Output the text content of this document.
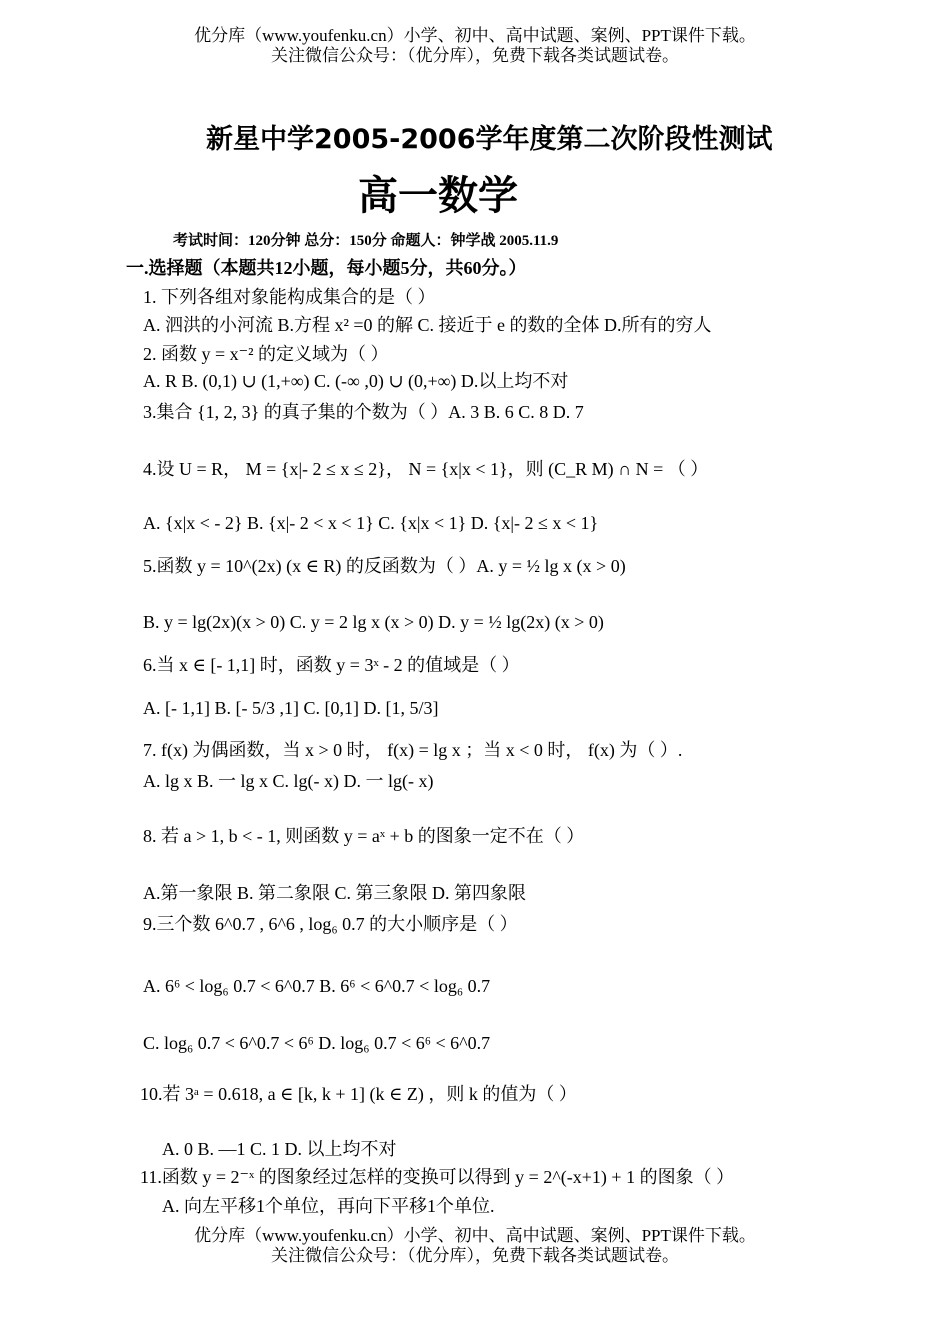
优分库（www.youfenku.cn）小学、初中、高中试题、案例、PPT课件下载。
关注微信公众号：（优分库），免费下载各类试题试卷。
新星中学2005-2006学年度第二次阶段性测试
高一数学
考试时间：120分钟 总分：150分 命题人：钟学战 2005.11.9
一.选择题（本题共12小题，每小题5分，共60分。）
1. 下列各组对象能构成集合的是（ ）
A. 泗洪的小河流 B.方程 x² =0 的解 C. 接近于 e 的数的全体 D.所有的穷人
2. 函数 y = x⁻² 的定义域为（ ）
A. R B. (0,1) ∪ (1,+∞) C. (-∞ ,0) ∪ (0,+∞) D.以上均不对
3.集合 {1, 2, 3} 的真子集的个数为（ ）A. 3 B. 6 C. 8 D. 7
4.设 U = R， M = {x|- 2 ≤ x ≤ 2}， N = {x|x < 1}，则 (C_R M) ∩ N = （ ）
A. {x|x < - 2} B. {x|- 2 < x < 1} C. {x|x < 1} D. {x|- 2 ≤ x < 1}
5.函数 y = 10^(2x) (x ∈ R) 的反函数为（ ）A. y = ½ lg x (x > 0)
B. y = lg(2x)(x > 0) C. y = 2 lg x (x > 0) D. y = ½ lg(2x) (x > 0)
6.当 x ∈ [- 1,1] 时，函数 y = 3ˣ - 2 的值域是（ ）
A. [- 1,1] B. [- 5/3 ,1] C. [0,1] D. [1, 5/3]
7. f(x) 为偶函数，当 x > 0 时， f(x) = lg x ；当 x < 0 时， f(x) 为（ ）.
A. lg x B. 一 lg x C. lg(- x) D. 一 lg(- x)
8. 若 a > 1, b < - 1, 则函数 y = aˣ + b 的图象一定不在（ ）
A.第一象限 B. 第二象限 C. 第三象限 D. 第四象限
9.三个数 6^0.7 , 6^6 , log₆ 0.7 的大小顺序是（ ）
A. 6⁶ < log₆ 0.7 < 6^0.7 B. 6⁶ < 6^0.7 < log₆ 0.7
C. log₆ 0.7 < 6^0.7 < 6⁶ D. log₆ 0.7 < 6⁶ < 6^0.7
10.若 3ᵃ = 0.618, a ∈ [k, k + 1] (k ∈ Z) ，则 k 的值为（ ）
A. 0 B. —1 C. 1 D. 以上均不对
11.函数 y = 2⁻ˣ 的图象经过怎样的变换可以得到 y = 2^(-x+1) + 1 的图象（ ）
A. 向左平移1个单位，再向下平移1个单位.
优分库（www.youfenku.cn）小学、初中、高中试题、案例、PPT课件下载。
关注微信公众号：（优分库），免费下载各类试题试卷。
